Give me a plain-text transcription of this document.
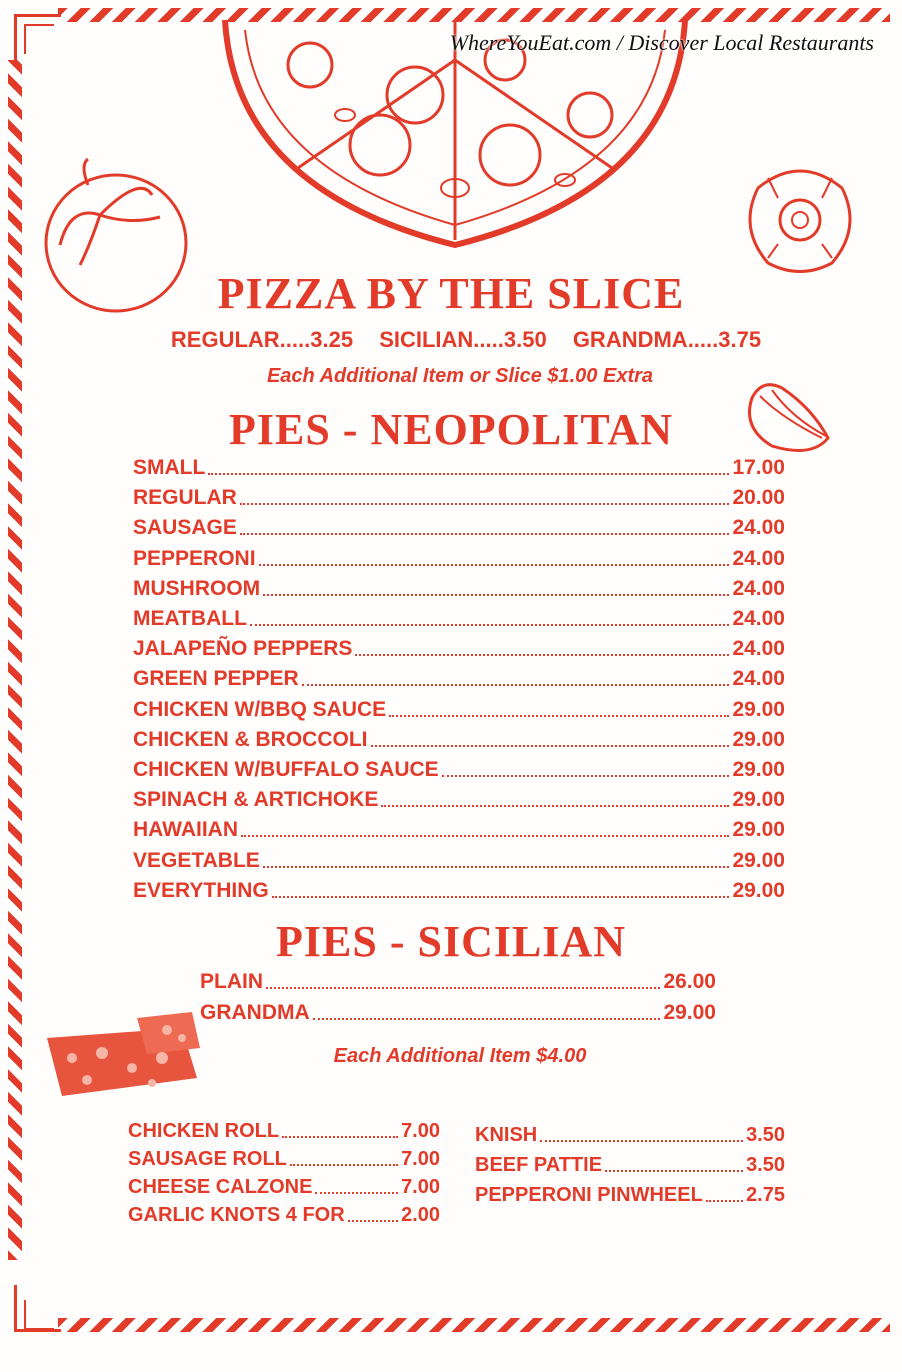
WhereYouEat.com / Discover Local Restaurants
PIZZA BY THE SLICE
REGULAR.....3.25 SICILIAN.....3.50 GRANDMA.....3.75
Each Additional Item or Slice $1.00 Extra
PIES - NEOPOLITAN
SMALL	17.00
REGULAR	20.00
SAUSAGE	24.00
PEPPERONI	24.00
MUSHROOM	24.00
MEATBALL	24.00
JALAPEÑO PEPPERS	24.00
GREEN PEPPER	24.00
CHICKEN W/BBQ SAUCE	29.00
CHICKEN & BROCCOLI	29.00
CHICKEN W/BUFFALO SAUCE	29.00
SPINACH & ARTICHOKE	29.00
HAWAIIAN	29.00
VEGETABLE	29.00
EVERYTHING	29.00
PIES - SICILIAN
PLAIN	26.00
GRANDMA	29.00
Each Additional Item $4.00
CHICKEN ROLL	7.00
SAUSAGE ROLL	7.00
CHEESE CALZONE	7.00
GARLIC KNOTS 4 FOR	2.00
KNISH	3.50
BEEF PATTIE	3.50
PEPPERONI PINWHEEL 2.75
